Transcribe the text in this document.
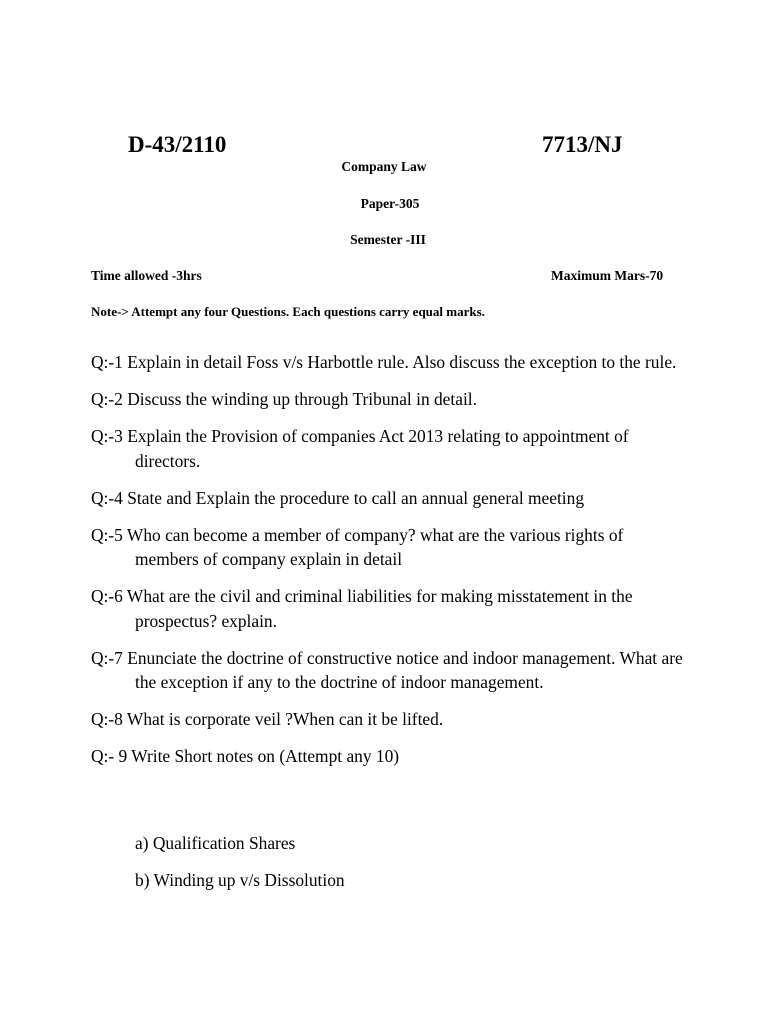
D-43/2110	7713/NJ
Company Law
Paper-305
Semester -III
Time allowed -3hrs	Maximum Mars-70
Note-> Attempt any four Questions. Each questions carry equal marks.
Q:-1 Explain in detail Foss v/s Harbottle rule. Also discuss the exception to the rule.
Q:-2 Discuss the winding up through Tribunal in detail.
Q:-3 Explain the Provision of companies Act 2013 relating to appointment of directors.
Q:-4 State and Explain the procedure to call an annual general meeting
Q:-5 Who can become a member of company? what are the various rights of members of company explain in detail
Q:-6 What are the civil and criminal liabilities for making misstatement in the prospectus? explain.
Q:-7 Enunciate the doctrine of constructive notice and indoor management. What are the exception if any to the doctrine of indoor management.
Q:-8 What is corporate veil ?When can it be lifted.
Q:- 9 Write Short notes on (Attempt any 10)
a) Qualification Shares
b) Winding up v/s Dissolution
